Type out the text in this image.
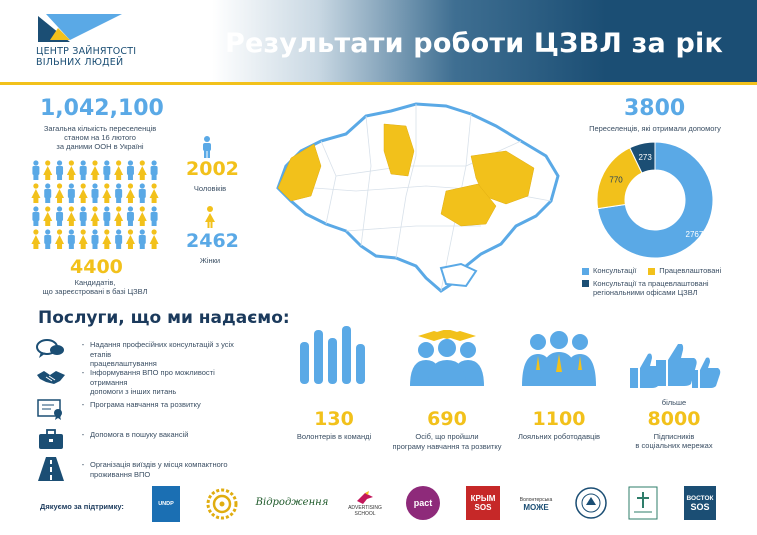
ЦЕНТР ЗАЙНЯТОСТІ
ВІЛЬНИХ ЛЮДЕЙ
Результати роботи ЦЗВЛ за рік
1,042,100
Загальна кількість переселенців
станом на 16 лютого
за даними ООН в Україні
4400
Кандидатів,
що зареєстровані в базі ЦЗВЛ
2002
Чоловіків
2462
Жінки
3800
Переселенців, які отримали допомогу
2767
770
273
Консультації	Працевлаштовані
Консультації та працевлаштовані
регіональними офісами ЦЗВЛ
Послуги, що ми надаємо:
- Надання професійних консультацій з усіх етапів
працевлаштування
- Інформування ВПО про можливості отримання
допомоги з інших питань
- Програма навчання та розвитку
- Допомога в пошуку вакансій
- Організація виїздів у місця компактного
проживання ВПО
130
Волонтерів в команді
690
Осіб, що пройшли
програму навчання та розвитку
1100
Лояльних роботодавців
більше
8000
Підписників
в соціальних мережах
Дякуємо за підтримку:	UNDP	Відродження
ADVERTISING
SCHOOL
pact	КРЫМ
SOS
Волонтерська
МОЖЕ
ВОСТОК
SOS
